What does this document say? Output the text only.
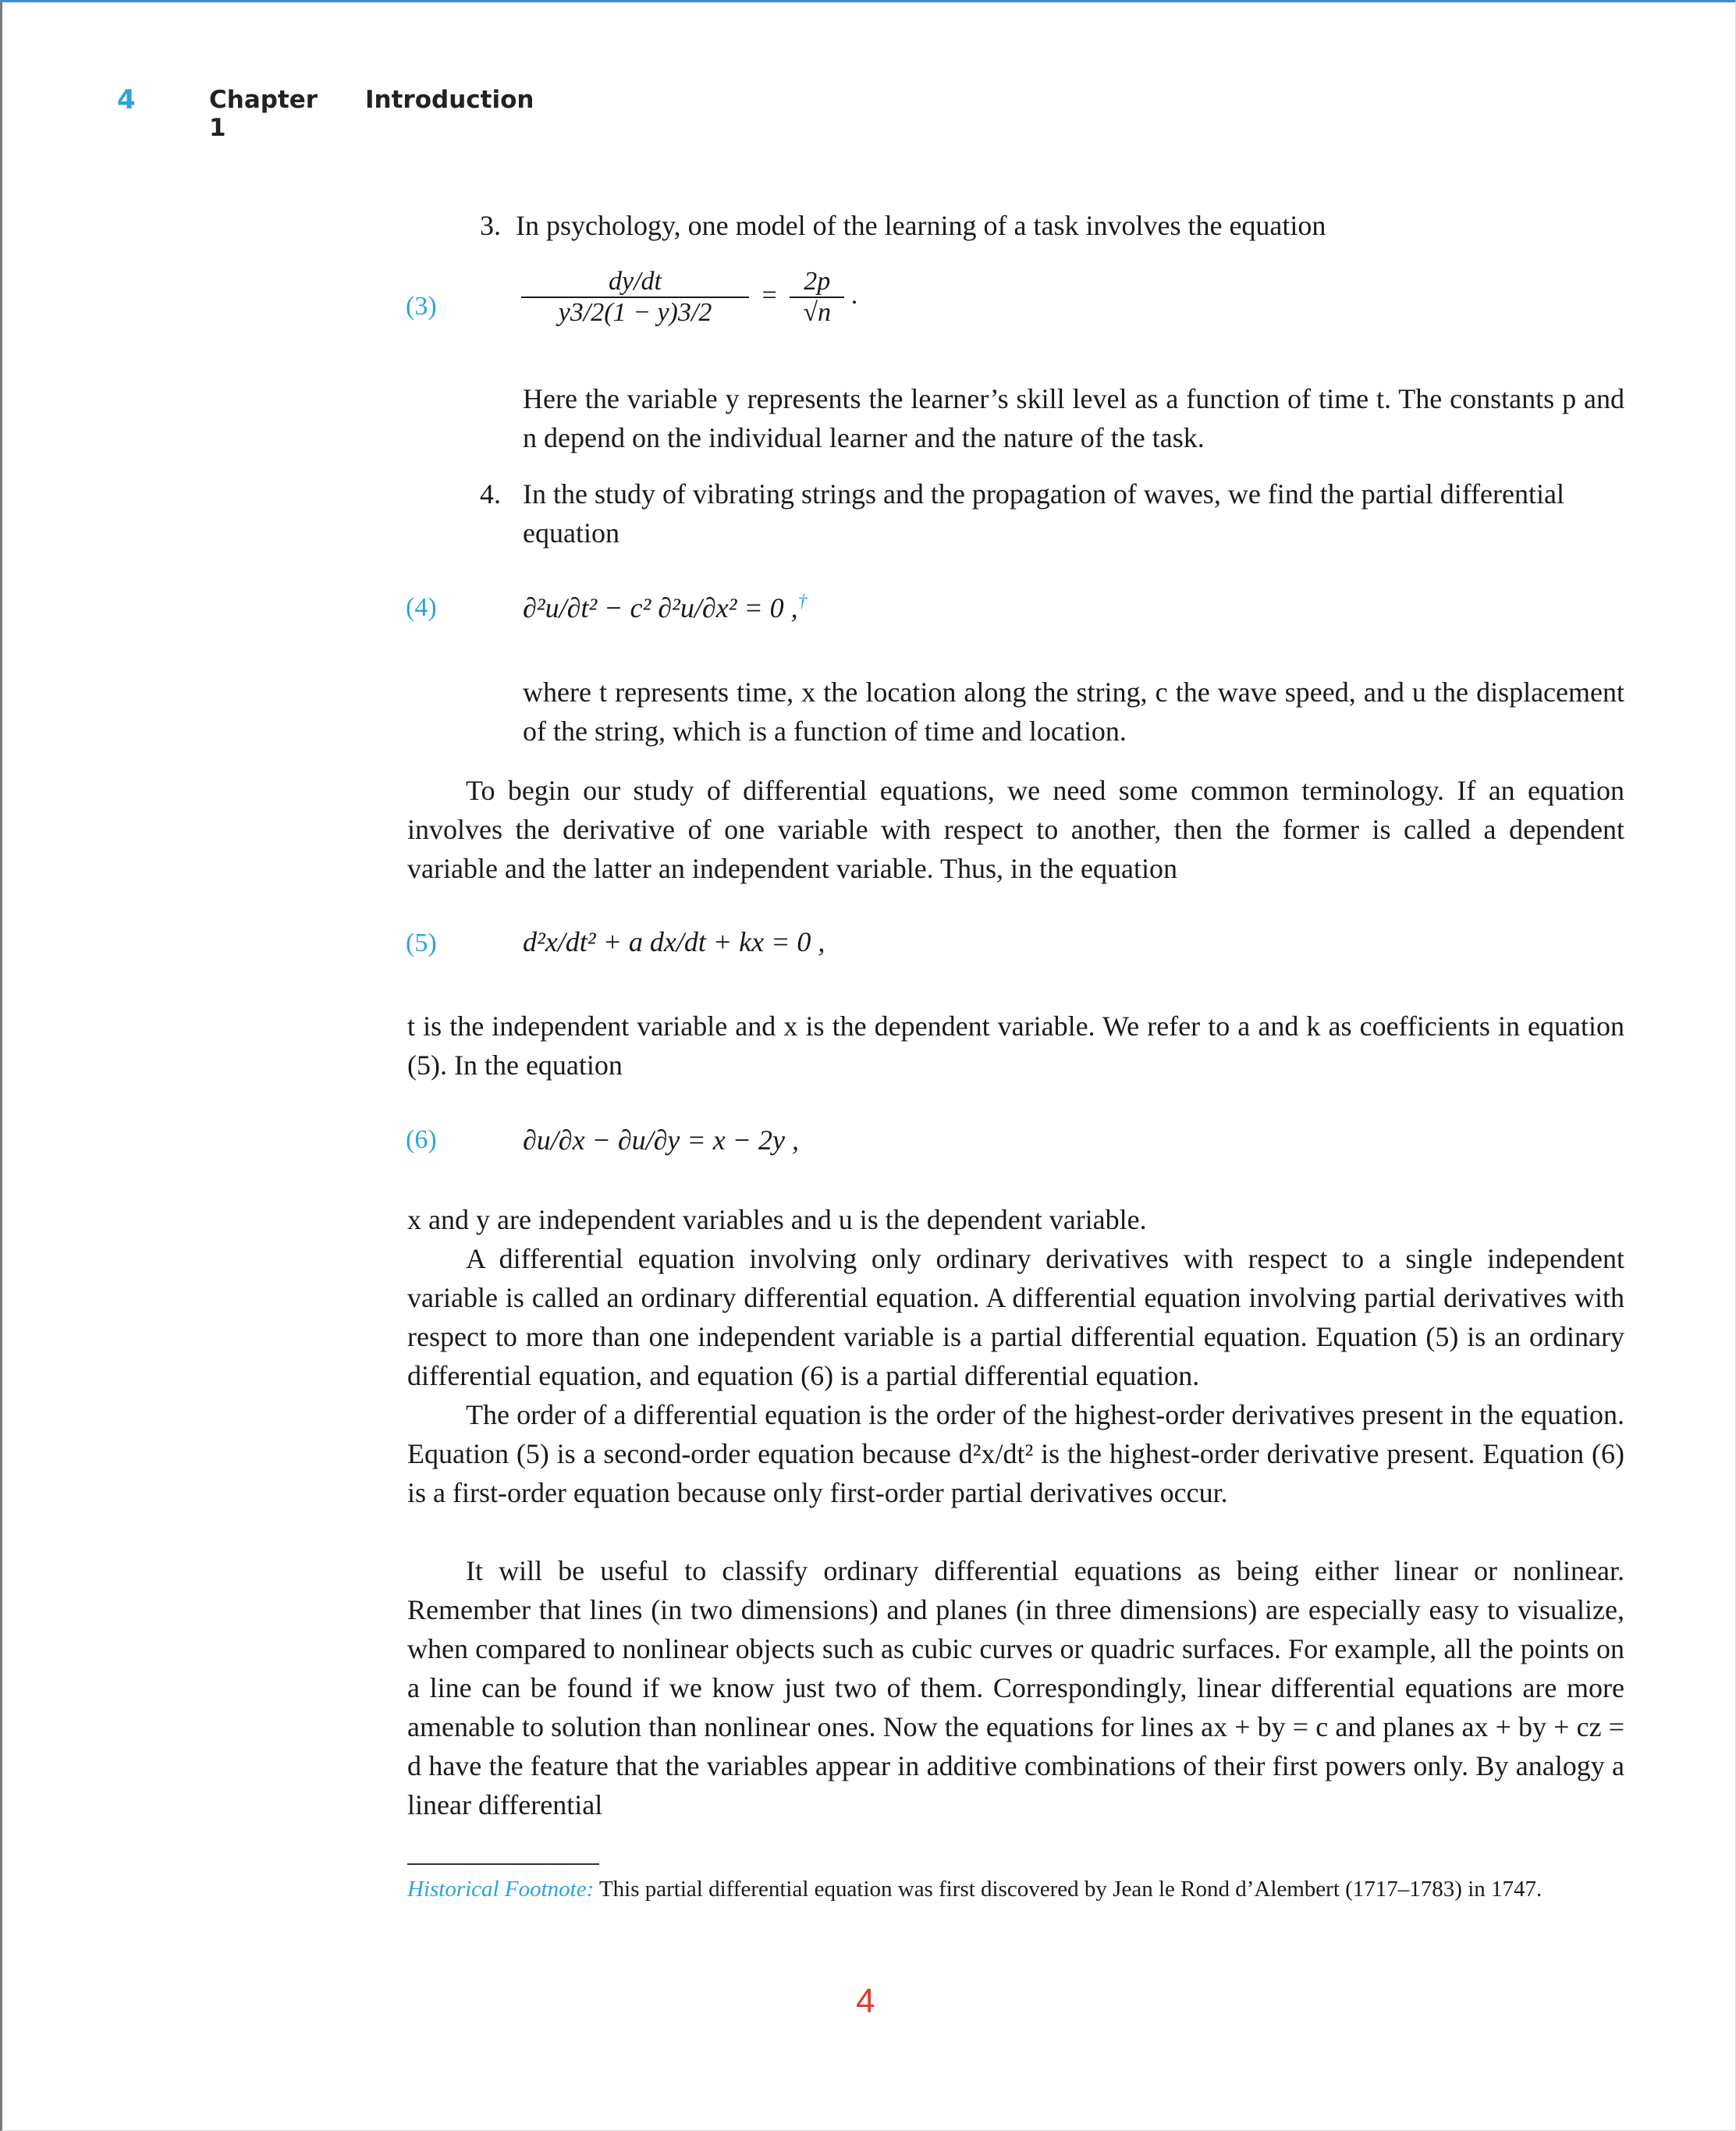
4	Chapter 1
Introduction
3. In psychology, one model of the learning of a task involves the equation
(3)	$\frac{dy/dt}{y3/2(1 - y)3/2} = \frac{2p}{√n}$ .
Here the variable y represents the learner’s skill level as a function of time t. The constants p and n depend on the individual learner and the nature of the task.
4. In the study of vibrating strings and the propagation of waves, we find the partial differential equation
(4)	∂²u/∂t² − c² ∂²u/∂x² = 0 ,†
where t represents time, x the location along the string, c the wave speed, and u the displacement of the string, which is a function of time and location.
To begin our study of differential equations, we need some common terminology. If an equation involves the derivative of one variable with respect to another, then the former is called a dependent variable and the latter an independent variable. Thus, in the equation
(5)	d²x/dt² + a dx/dt + kx = 0 ,
t is the independent variable and x is the dependent variable. We refer to a and k as coefficients in equation (5). In the equation
(6)	∂u/∂x − ∂u/∂y = x − 2y ,
x and y are independent variables and u is the dependent variable.
A differential equation involving only ordinary derivatives with respect to a single independent variable is called an ordinary differential equation. A differential equation involving partial derivatives with respect to more than one independent variable is a partial differential equation. Equation (5) is an ordinary differential equation, and equation (6) is a partial differential equation.
The order of a differential equation is the order of the highest-order derivatives present in the equation. Equation (5) is a second-order equation because d²x/dt² is the highest-order derivative present. Equation (6) is a first-order equation because only first-order partial derivatives occur.
It will be useful to classify ordinary differential equations as being either linear or nonlinear. Remember that lines (in two dimensions) and planes (in three dimensions) are especially easy to visualize, when compared to nonlinear objects such as cubic curves or quadric surfaces. For example, all the points on a line can be found if we know just two of them. Correspondingly, linear differential equations are more amenable to solution than nonlinear ones. Now the equations for lines ax + by = c and planes ax + by + cz = d have the feature that the variables appear in additive combinations of their first powers only. By analogy a linear differential
Historical Footnote: This partial differential equation was first discovered by Jean le Rond d’Alembert (1717–1783) in 1747.
4
